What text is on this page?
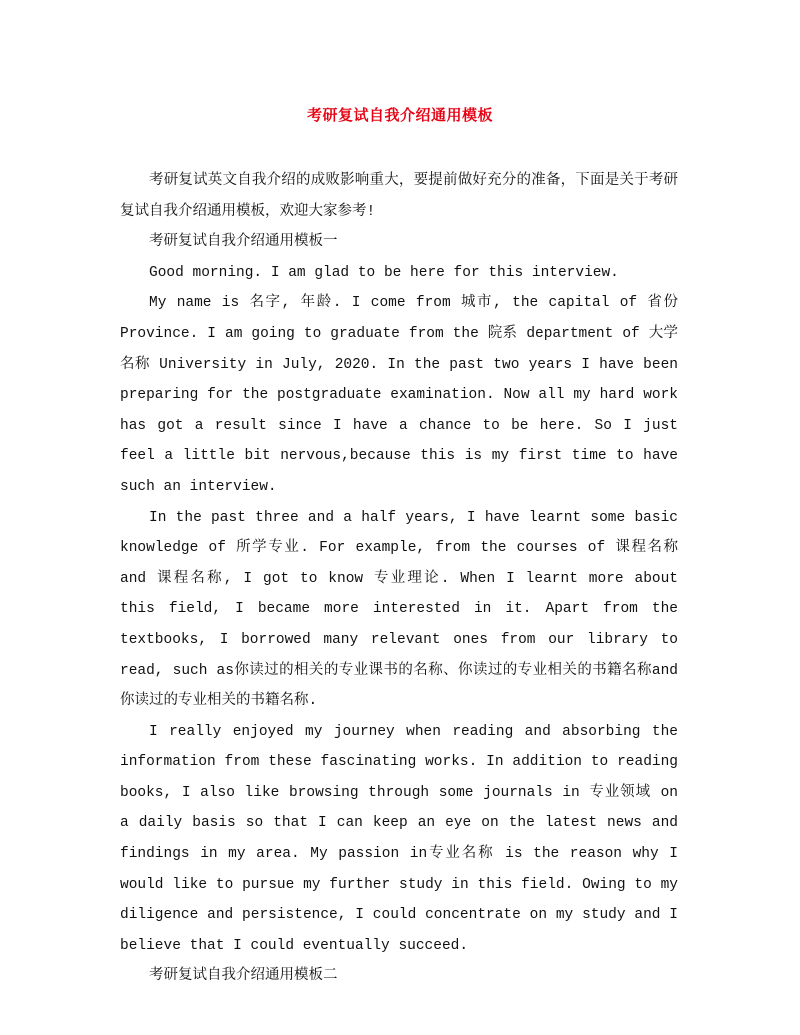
考研复试自我介绍通用模板

考研复试英文自我介绍的成败影响重大，要提前做好充分的准备，下面是关于考研复试自我介绍通用模板，欢迎大家参考!

考研复试自我介绍通用模板一

Good morning. I am glad to be here for this interview.

My name is 名字, 年龄. I come from 城市, the capital of 省份 Province. I am going to graduate from the 院系 department of 大学名称 University in July, 2020. In the past two years I have been preparing for the postgraduate examination. Now all my hard work has got a result since I have a chance to be here. So I just feel a little bit nervous,because this is my first time to have such an interview.

In the past three and a half years, I have learnt some basic knowledge of 所学专业. For example, from the courses of 课程名称 and 课程名称, I got to know 专业理论. When I learnt more about this field, I became more interested in it. Apart from the textbooks, I borrowed many relevant ones from our library to read, such as你读过的相关的专业课书的名称、你读过的专业相关的书籍名称and 你读过的专业相关的书籍名称.

I really enjoyed my journey when reading and absorbing the information from these fascinating works. In addition to reading books, I also like browsing through some journals in 专业领域 on a daily basis so that I can keep an eye on the latest news and findings in my area. My passion in专业名称 is the reason why I would like to pursue my further study in this field. Owing to my diligence and persistence, I could concentrate on my study and I believe that I could eventually succeed.

考研复试自我介绍通用模板二
